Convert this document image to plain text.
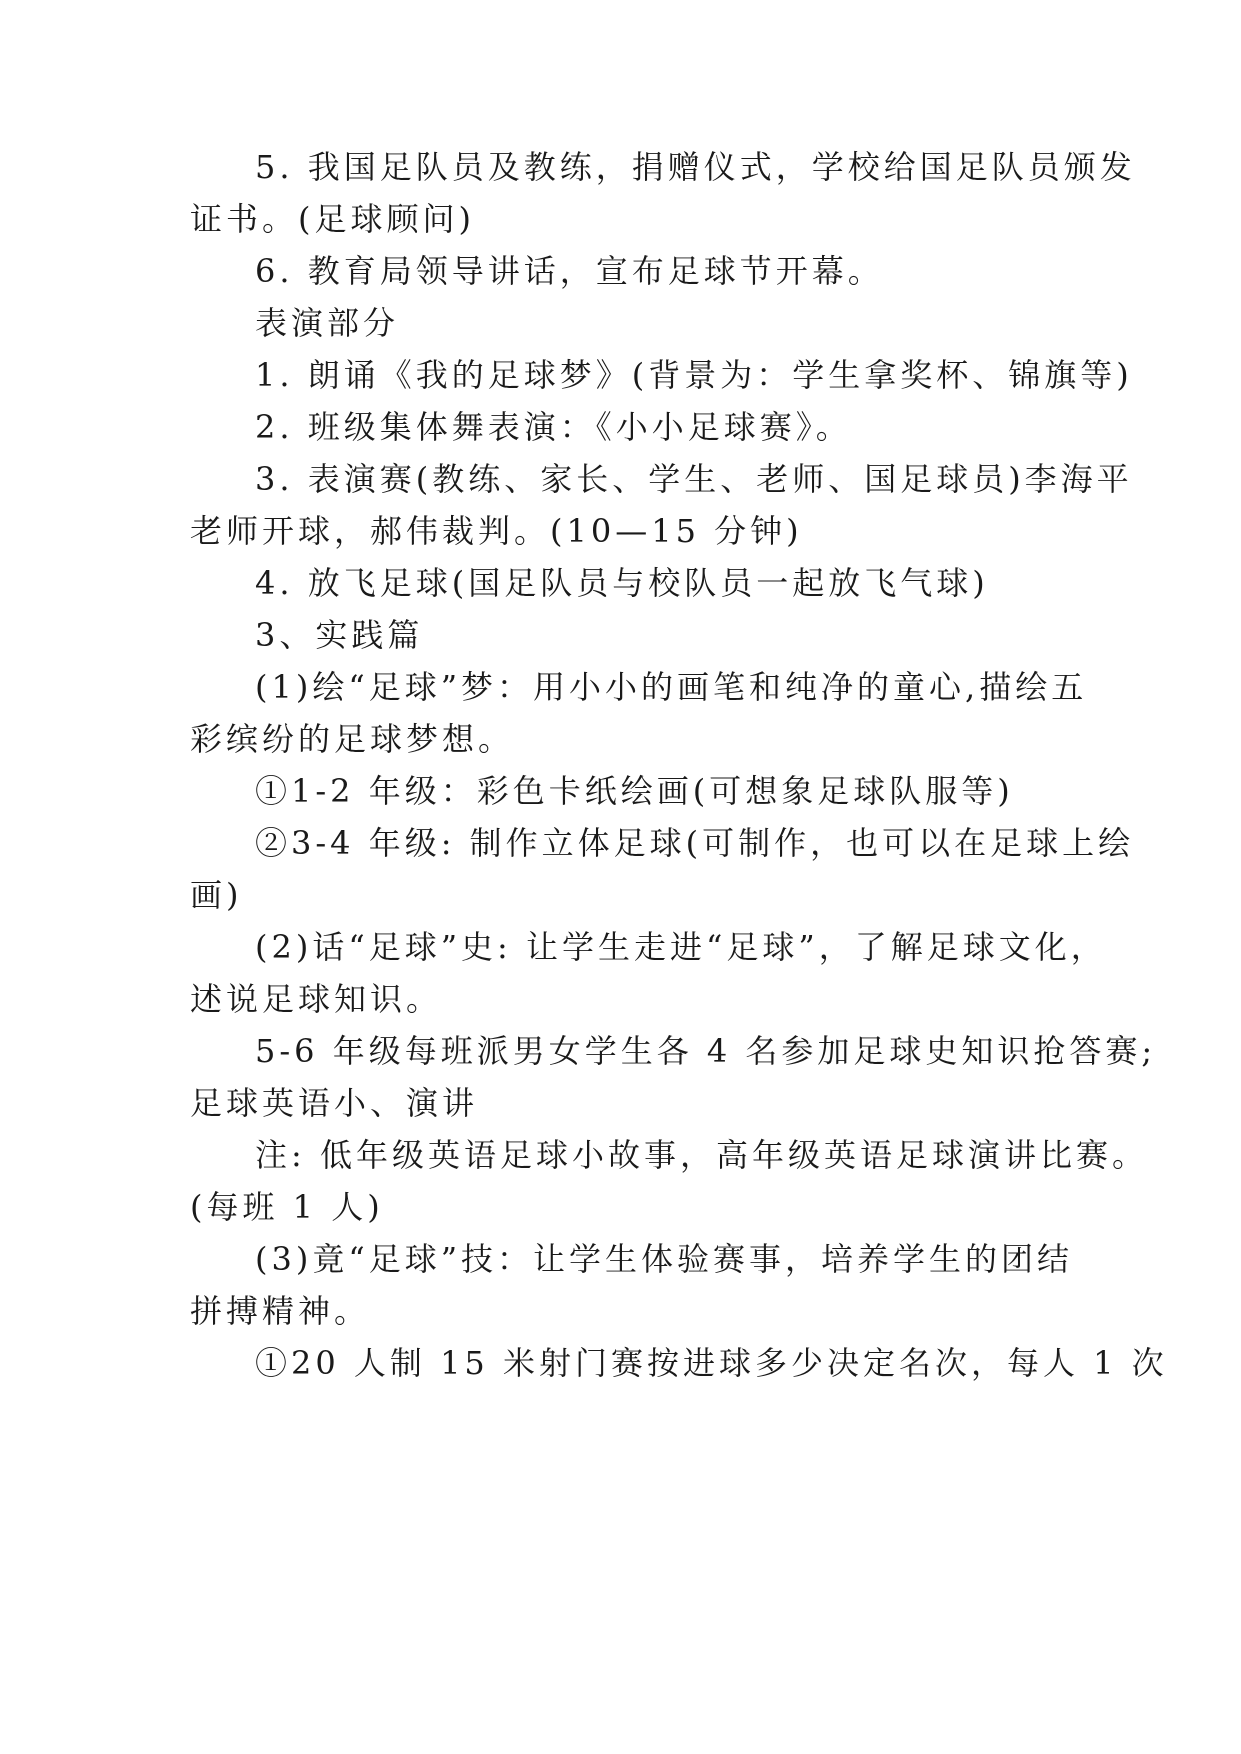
5. 我国足队员及教练，捐赠仪式，学校给国足队员颁发
证书。(足球顾问)
6. 教育局领导讲话，宣布足球节开幕。
表演部分
1. 朗诵《我的足球梦》(背景为：学生拿奖杯、锦旗等)
2. 班级集体舞表演：《小小足球赛》。
3. 表演赛(教练、家长、学生、老师、国足球员)李海平
老师开球，郝伟裁判。(10—15 分钟)
4. 放飞足球(国足队员与校队员一起放飞气球)
3、实践篇
(1)绘“足球”梦：用小小的画笔和纯净的童心,描绘五
彩缤纷的足球梦想。
①1-2 年级：彩色卡纸绘画(可想象足球队服等)
②3-4 年级: 制作立体足球(可制作，也可以在足球上绘
画)
(2)话“足球”史: 让学生走进“足球”，了解足球文化，
述说足球知识。
5-6 年级每班派男女学生各 4 名参加足球史知识抢答赛;
足球英语小、演讲
注: 低年级英语足球小故事，高年级英语足球演讲比赛。
(每班 1 人)
(3)竟“足球”技：让学生体验赛事，培养学生的团结
拼搏精神。
①20 人制 15 米射门赛按进球多少决定名次，每人 1 次
